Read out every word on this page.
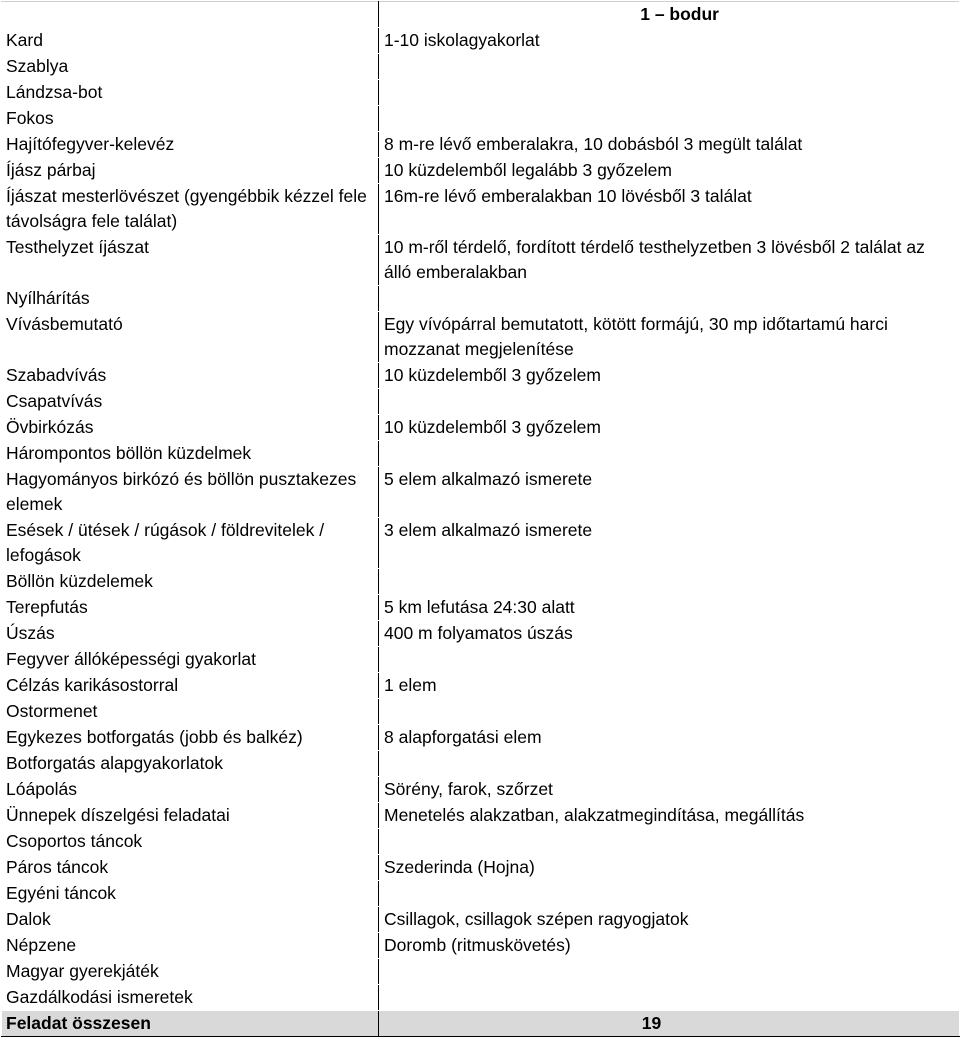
	1 – bodur
Kard	1-10 iskolagyakorlat
Szablya	
Lándzsa-bot	
Fokos	
Hajítófegyver-kelevéz	8 m-re lévő emberalakra, 10 dobásból 3 megült találat
Íjász párbaj	10 küzdelemből legalább 3 győzelem
Íjászat mesterlövészet (gyengébbik kézzel fele távolságra fele találat)	16m-re lévő emberalakban 10 lövésből 3 találat
Testhelyzet íjászat	10 m-ről térdelő, fordított térdelő testhelyzetben 3 lövésből 2 találat az álló emberalakban
Nyílhárítás	
Vívásbemutató	Egy vívópárral bemutatott, kötött formájú, 30 mp időtartamú harci mozzanat megjelenítése
Szabadvívás	10 küzdelemből 3 győzelem
Csapatvívás	
Övbirkózás	10 küzdelemből 3 győzelem
Hárompontos böllön küzdelmek	
Hagyományos birkózó és böllön pusztakezes elemek	5 elem alkalmazó ismerete
Esések / ütések / rúgások / földrevitelek / lefogások	3 elem alkalmazó ismerete
Böllön küzdelemek	
Terepfutás	5 km lefutása 24:30 alatt
Úszás	400 m folyamatos úszás
Fegyver állóképességi gyakorlat	
Célzás karikásostorral	1 elem
Ostormenet	
Egykezes botforgatás (jobb és balkéz)	8 alapforgatási elem
Botforgatás alapgyakorlatok	
Lóápolás	Sörény, farok, szőrzet
Ünnepek díszelgési feladatai	Menetelés alakzatban, alakzatmegindítása, megállítás
Csoportos táncok	
Páros táncok	Szederinda (Hojna)
Egyéni táncok	
Dalok	Csillagok, csillagok szépen ragyogjatok
Népzene	Doromb (ritmuskövetés)
Magyar gyerekjáték	
Gazdálkodási ismeretek	
Feladat összesen	19
